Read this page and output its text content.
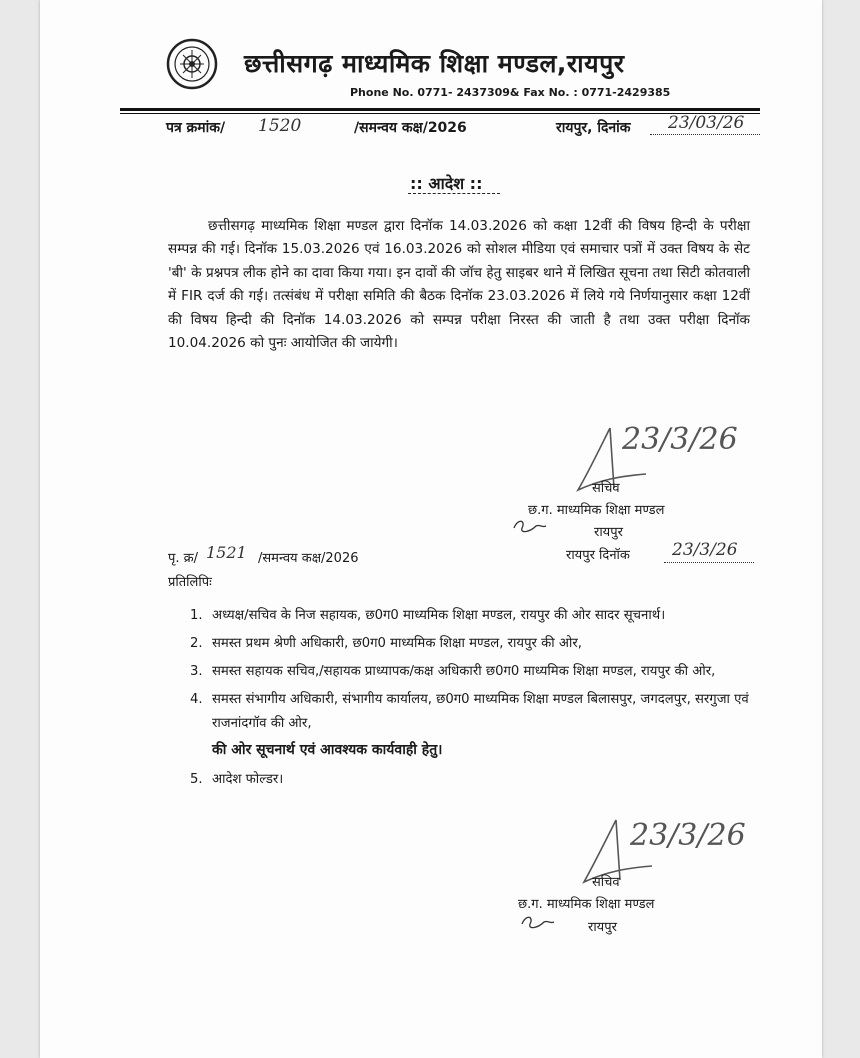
छत्तीसगढ़ माध्यमिक शिक्षा मण्डल,रायपुर
Phone No. 0771- 2437309& Fax No. : 0771-2429385
पत्र क्रमांक/ 1520	/समन्वय कक्ष/2026	रायपुर, दिनांक 23/03/26
:: आदेश ::
छत्तीसगढ़ माध्यमिक शिक्षा मण्डल द्वारा दिनॉक 14.03.2026 को कक्षा 12वीं की विषय हिन्दी के परीक्षा सम्पन्न की गई। दिनॉक 15.03.2026 एवं 16.03.2026 को सोशल मीडिया एवं समाचार पत्रों में उक्त विषय के सेट 'बी' के प्रश्नपत्र लीक होने का दावा किया गया। इन दावों की जॉच हेतु साइबर थाने में लिखित सूचना तथा सिटी कोतवाली में FIR दर्ज की गई। तत्संबंध में परीक्षा समिति की बैठक दिनॉक 23.03.2026 में लिये गये निर्णयानुसार कक्षा 12वीं की विषय हिन्दी की दिनॉक 14.03.2026 को सम्पन्न परीक्षा निरस्त की जाती है तथा उक्त परीक्षा दिनॉक 10.04.2026 को पुनः आयोजित की जायेगी।
23/3/26
सचिव
छ.ग. माध्यमिक शिक्षा मण्डल
रायपुर
पृ. क्र/ 1521 /समन्वय कक्ष/2026	रायपुर दिनॉक 23/3/26
प्रतिलिपिः
1. अध्यक्ष/सचिव के निज सहायक, छ0ग0 माध्यमिक शिक्षा मण्डल, रायपुर की ओर सादर सूचनार्थ।
2. समस्त प्रथम श्रेणी अधिकारी, छ0ग0 माध्यमिक शिक्षा मण्डल, रायपुर की ओर,
3. समस्त सहायक सचिव,/सहायक प्राध्यापक/कक्ष अधिकारी छ0ग0 माध्यमिक शिक्षा मण्डल, रायपुर की ओर,
4. समस्त संभागीय अधिकारी, संभागीय कार्यालय, छ0ग0 माध्यमिक शिक्षा मण्डल बिलासपुर, जगदलपुर, सरगुजा एवं राजनांदगॉव की ओर,
की ओर सूचनार्थ एवं आवश्यक कार्यवाही हेतु।
5. आदेश फोल्डर।
23/3/26
सचिव
छ.ग. माध्यमिक शिक्षा मण्डल
रायपुर
